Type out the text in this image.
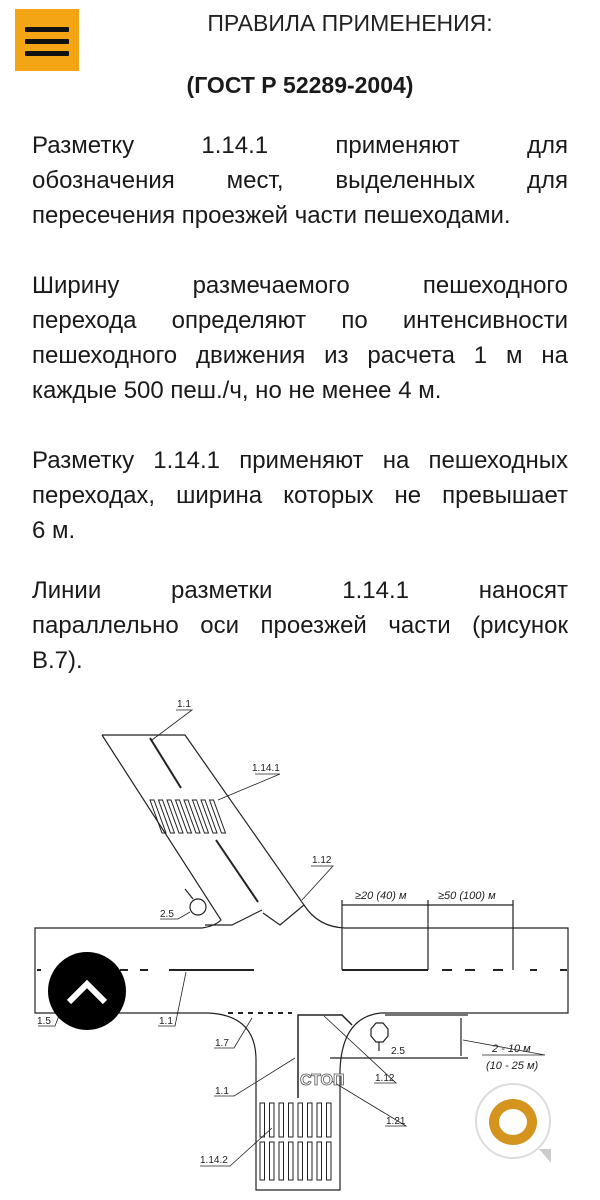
ПРАВИЛА ПРИМЕНЕНИЯ:
(ГОСТ Р 52289-2004)
Разметку 1.14.1 применяют для
обозначения мест, выделенных для
пересечения проезжей части пешеходами.
Ширину размечаемого пешеходного
перехода определяют по интенсивности
пешеходного движения из расчета 1 м на
каждые 500 пеш./ч, но не менее 4 м.
Разметку 1.14.1 применяют на пешеходных
переходах, ширина которых не превышает
6 м.
Линии разметки 1.14.1 наносят
параллельно оси проезжей части (рисунок
В.7).
1.1
1.14.1
1.12
2.5
≥20 (40) м	≥50 (100) м
1.5	1.1
1.7
1.1
2.5
1.12
2 - 10 м
(10 - 25 м)
1.21
1.14.2
СТОП
